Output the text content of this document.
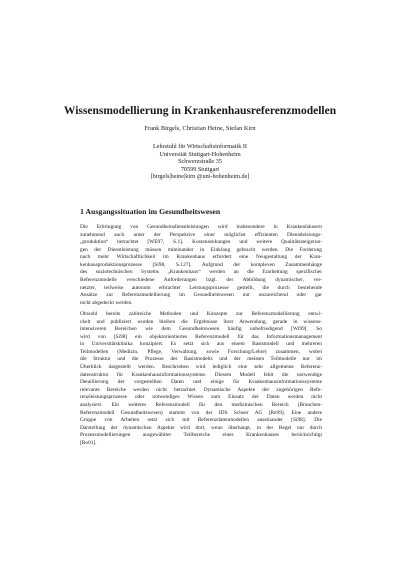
Wissensmodellierung in Krankenhausreferenzmodellen
Frank Birgels, Christian Heine, Stefan Kirn
Lehrstuhl für Wirtschaftsinformatik II
Universität Stuttgart-Hohenheim
Schwerzstraße 35
70599 Stuttgart
[birgels|heine|kirn @uni-hohenheim.de]
1 Ausgangssituation im Gesundheitswesen
Die Erbringung von Gesundheitsdienstleistungen wird insbesondere in Krankenhäusern
zunehmend auch unter der Perspektive einer möglichst effizienten Dienstleistungs-
„produktion“ betrachtet [WE97, S.1]. Kostensenkungen und weitere Qualitätssteigerun-
gen der Dienstleistung müssen miteinander in Einklang gebracht werden. Die Forderung
nach mehr Wirtschaftlichkeit im Krankenhaus erfordert eine Neugestaltung der Kran-
kenhausproduktionsprozesse [Si98, S.127]. Aufgrund der komplexen Zusammenhänge
des soziotechnischen Systems „Krankenhaus“ werden an die Erarbeitung spezifischer
Referenzmodelle verschiedene Anforderungen bzgl. der Abbildung dynamischer, ver-
netzter, teilweise autonom erbrachter Leistungsprozesse gestellt, die durch bestehende
Ansätze zur Referenzmodellierung im Gesundheitswesen nur unzureichend oder gar
nicht abgedeckt werden.
Obwohl bereits zahlreiche Methoden und Konzepte zur Referenzmodellierung entwi-
ckelt und publiziert wurden bleiben die Ergebnisse ihrer Anwendung, gerade in wissens-
intensiveren Bereichen wie dem Gesundheitswesen häufig unbefriedigend [Wi99]. So
wird von [Si98] ein objektorientiertes Referenzmodell für das Informationsmanagement
in Universitätsklinika konzipiert. Es setzt sich aus einem Basismodell und mehreren
Teilmodellen (Medizin, Pflege, Verwaltung, sowie Forschung/Lehre) zusammen, wobei
die Struktur und die Prozesse des Basismodells und der meisten Teilmodelle nur im
Überblick dargestellt werden. Beschrieben wird lediglich eine sehr allgemeine Referenz-
datenstruktur für Krankenhausinformationssysteme. Diesem Modell fehlt die notwendige
Detaillierung der vorgestellten Daten und einige für Krankenhausinformationssysteme
relevante Bereiche werden nicht betrachtet. Dynamische Aspekte der zugehörigen Refe-
renzleistungsprozesse oder notwendiges Wissen zum Einsatz der Daten werden nicht
analysiert. Ein weiteres Referenzmodell für den medizinischen Bereich (Branchen-
Referenzmodell Gesundheitswesen) stammt von der IDS Scheer AG [Re99]. Eine andere
Gruppe von Arbeiten setzt sich mit Referenzdatenmodellen auseinander [Si98]. Die
Darstellung der dynamischen Aspekte wird dort, wenn überhaupt, in der Regel nur durch
Prozessmodellierungen ausgewählter Teilbereiche eines Krankenhauses berücksichtigt
[Bo01].
